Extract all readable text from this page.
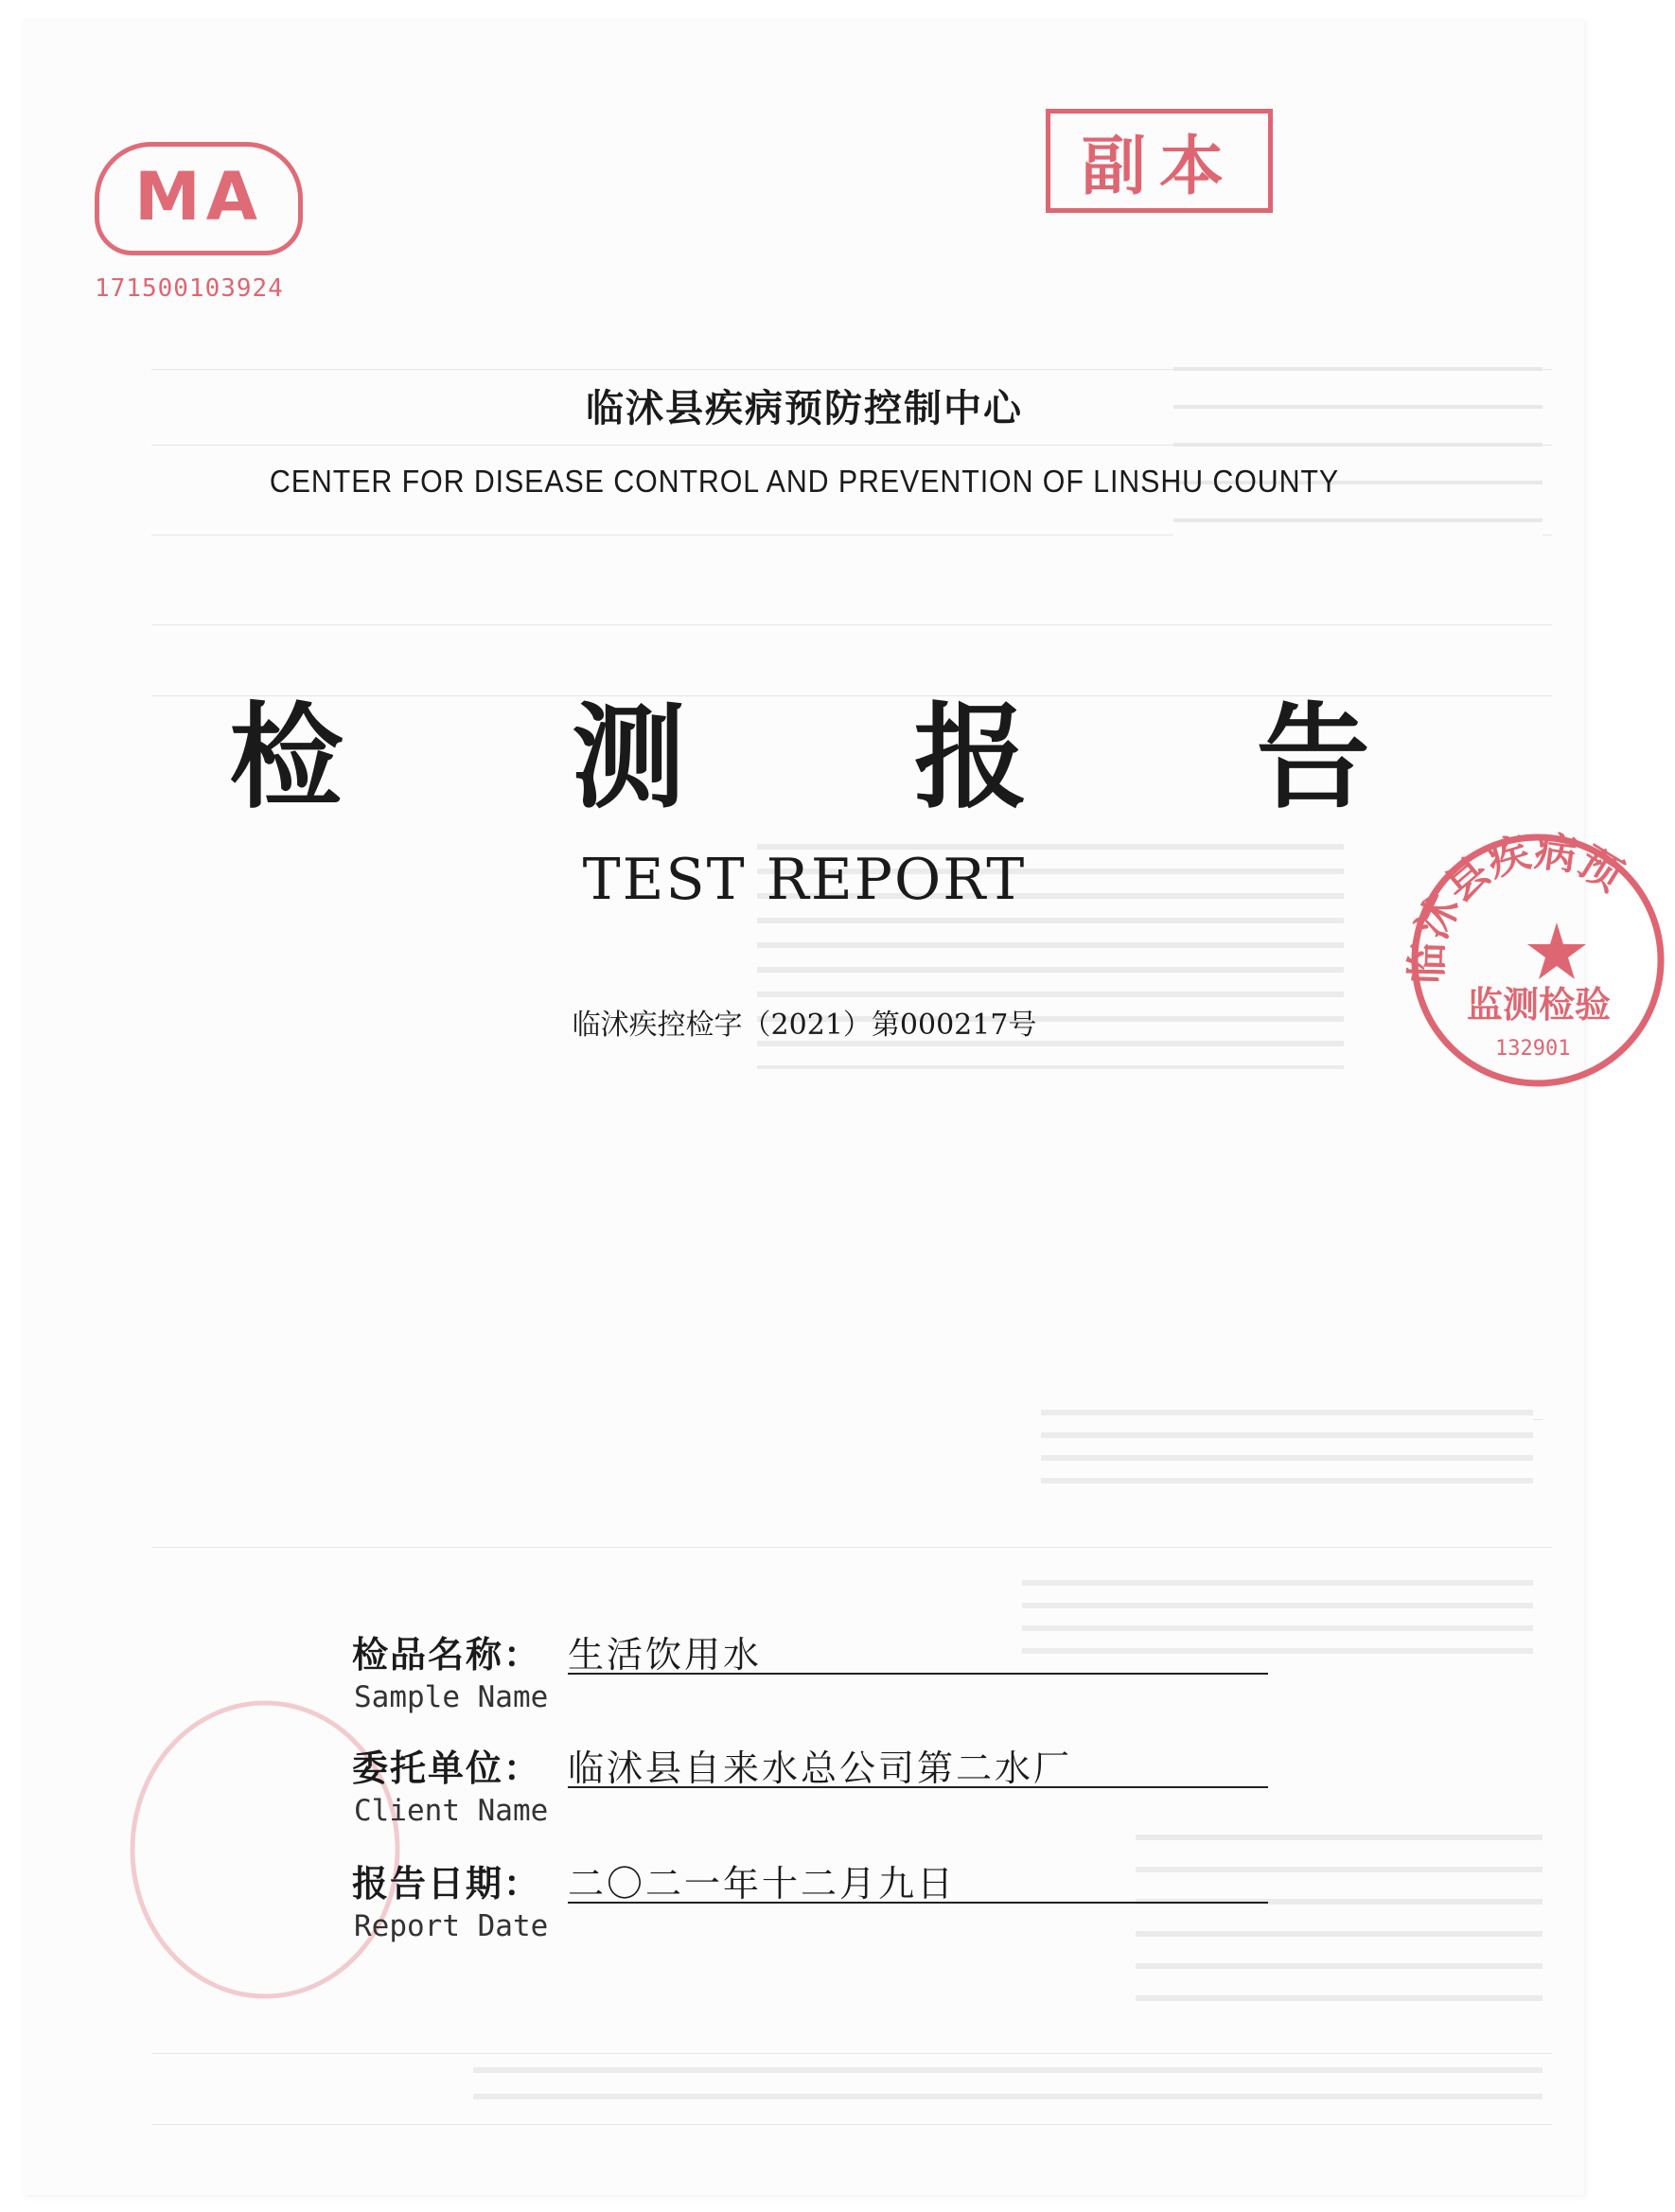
MA
171500103924
副本
临沭县疾病预
监测检验
132901
临沭县疾病预防控制中心
CENTER FOR DISEASE CONTROL AND PREVENTION OF LINSHU COUNTY
检 测 报 告
TEST REPORT
临沭疾控检字（2021）第000217号
检品名称： 生活饮用水
Sample Name
委托单位： 临沭县自来水总公司第二水厂
Client Name
报告日期： 二〇二一年十二月九日
Report Date
